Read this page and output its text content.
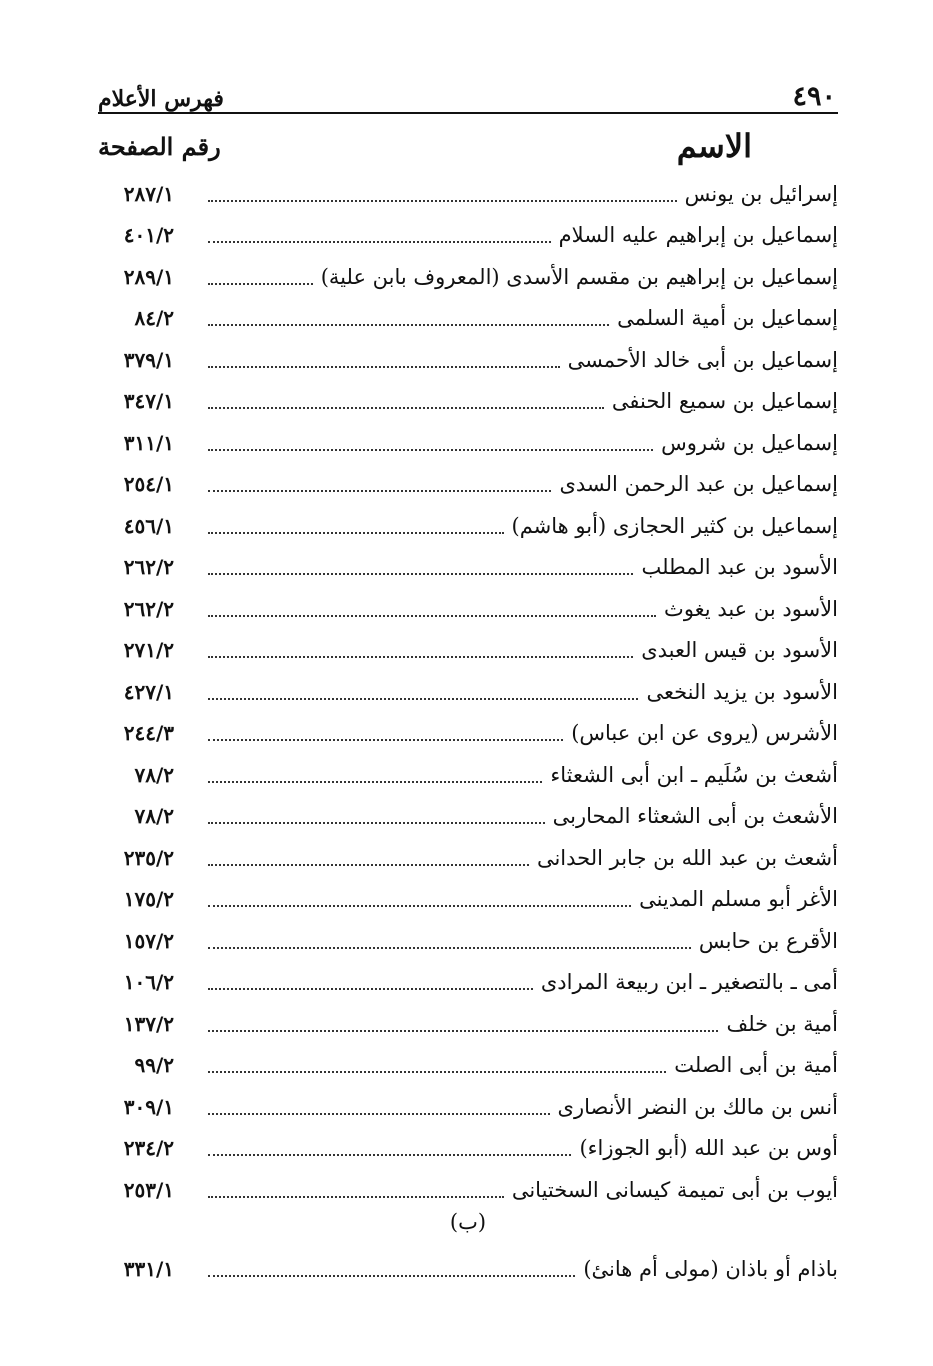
٤٩٠
فهرس الأعلام
الاسم
رقم الصفحة
إسرائيل بن يونس
٢٨٧/١
إسماعيل بن إبراهيم عليه السلام
٤٠١/٢
إسماعيل بن إبراهيم بن مقسم الأسدى (المعروف بابن علية)
٢٨٩/١
إسماعيل بن أمية السلمى
٨٤/٢
إسماعيل بن أبى خالد الأحمسى
٣٧٩/١
إسماعيل بن سميع الحنفى
٣٤٧/١
إسماعيل بن شروس
٣١١/١
إسماعيل بن عبد الرحمن السدى
٢٥٤/١
إسماعيل بن كثير الحجازى (أبو هاشم)
٤٥٦/١
الأسود بن عبد المطلب
٢٦٢/٢
الأسود بن عبد يغوث
٢٦٢/٢
الأسود بن قيس العبدى
٢٧١/٢
الأسود بن يزيد النخعى
٤٢٧/١
الأشرس (يروى عن ابن عباس)
٢٤٤/٣
أشعث بن سُلَيم ـ ابن أبى الشعثاء
٧٨/٢
الأشعث بن أبى الشعثاء المحاربى
٧٨/٢
أشعث بن عبد الله بن جابر الحدانى
٢٣٥/٢
الأغر أبو مسلم المدينى
١٧٥/٢
الأقرع بن حابس
١٥٧/٢
أمى ـ بالتصغير ـ ابن ربيعة المرادى
١٠٦/٢
أمية بن خلف
١٣٧/٢
أمية بن أبى الصلت
٩٩/٢
أنس بن مالك بن النضر الأنصارى
٣٠٩/١
أوس بن عبد الله (أبو الجوزاء)
٢٣٤/٢
أيوب بن أبى تميمة كيسانى السختيانى
٢٥٣/١
(ب)
باذام أو باذان (مولى أم هانئ)
٣٣١/١
